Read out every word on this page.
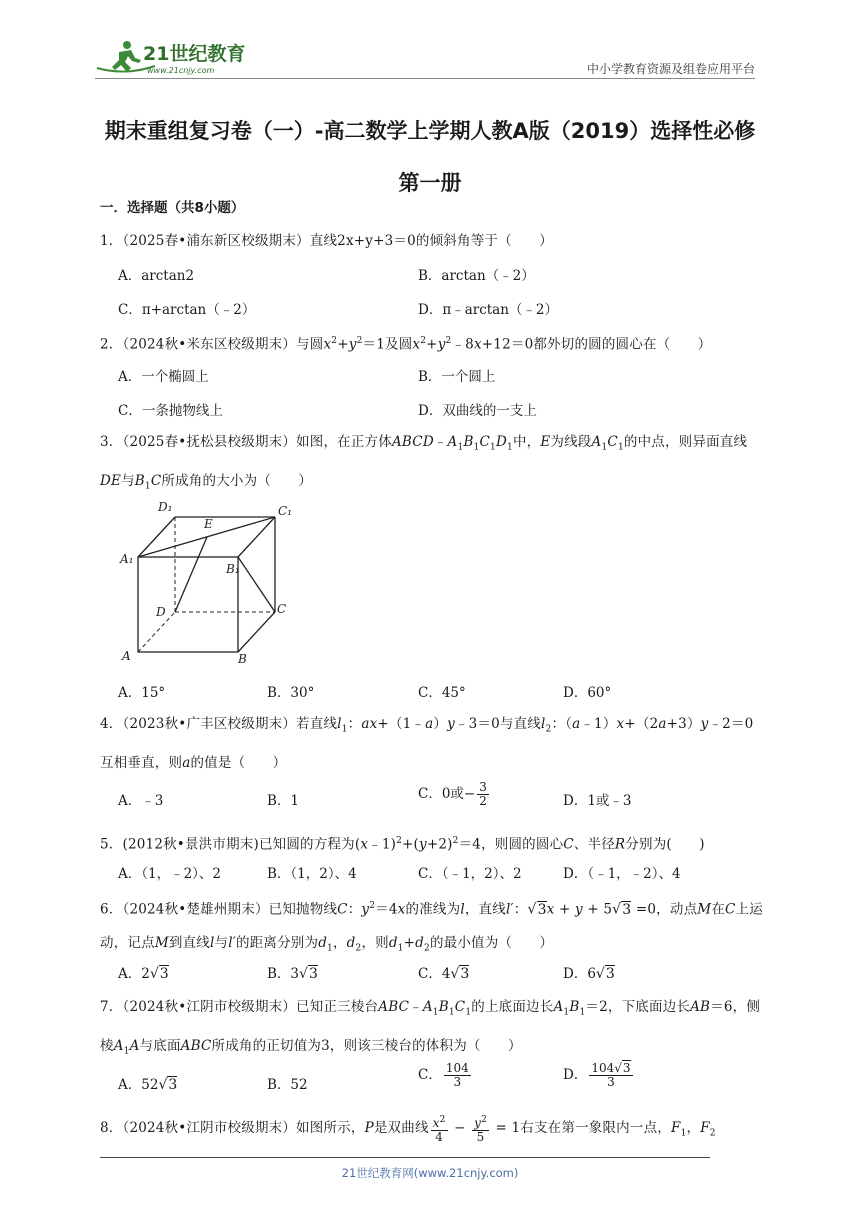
21世纪教育
www.21cnjy.com	中小学教育资源及组卷应用平台
期末重组复习卷（一）-高二数学上学期人教A版（2019）选择性必修
第一册
一．选择题（共8小题）
1．（2025春•浦东新区校级期末）直线2x+y+3＝0的倾斜角等于（　　）
A．arctan2	B．arctan（﹣2）
C．π+arctan（﹣2）	D．π﹣arctan（﹣2）
2．（2024秋•米东区校级期末）与圆$x^2+y^2=1$及圆$x^2+y^2﹣8x+12=0$都外切的圆的圆心在（　　）
A．一个椭圆上	B．一个圆上
C．一条抛物线上	D．双曲线的一支上
3．（2025春•抚松县校级期末）如图，在正方体$ABCD﹣A_1B_1C_1D_1$中，E为线段$A_1C_1$的中点，则异面直线DE与$B_1C$所成角的大小为（　　）
D₁
E
C₁
A₁
B₁
D	C
A	B
A．15°	B．30°	C．45°	D．60°
4．（2023秋•广丰区校级期末）若直线$l_1$：ax+（1﹣a）y﹣3＝0与直线$l_2$：（a﹣1）x+（2a+3）y﹣2＝0互相垂直，则a的值是（　　）
A．﹣3	B．1	C．0或− $\frac{3}{2}$	D．1或﹣3
5．(2012秋•景洪市期末)已知圆的方程为$(x﹣1)^2+(y+2)^2=4$，则圆的圆心C、半径R分别为(　　)
A．（1，﹣2）、2	B．（1，2）、4	C．（﹣1，2）、2	D．（﹣1，﹣2）、4
6．（2024秋•楚雄州期末）已知抛物线C：$y^2=4x$的准线为l，直线l′：√3x + y + 5√3 =0，动点M在C上运动，记点M到直线l与l′的距离分别为$d_1$，$d_2$，则$d_1+d_2$的最小值为（　　）
A．2√3	B．3√3	C．4√3	D．6√3
7．（2024秋•江阴市校级期末）已知正三棱台$ABC﹣A_1B_1C_1$的上底面边长$A_1B_1=2$，下底面边长AB＝6，侧棱$A_1A$与底面ABC所成角的正切值为3，则该三棱台的体积为（　　）
A．52√3	B．52
C． $\frac{104}{3}$	D． $\frac{104√3}{3}$
8．（2024秋•江阴市校级期末）如图所示，P是双曲线 $\frac{x^2}{4} - \frac{y^2}{5} = 1$右支在第一象限内一点，$F_1$，$F_2$
21世纪教育网(www.21cnjy.com)
